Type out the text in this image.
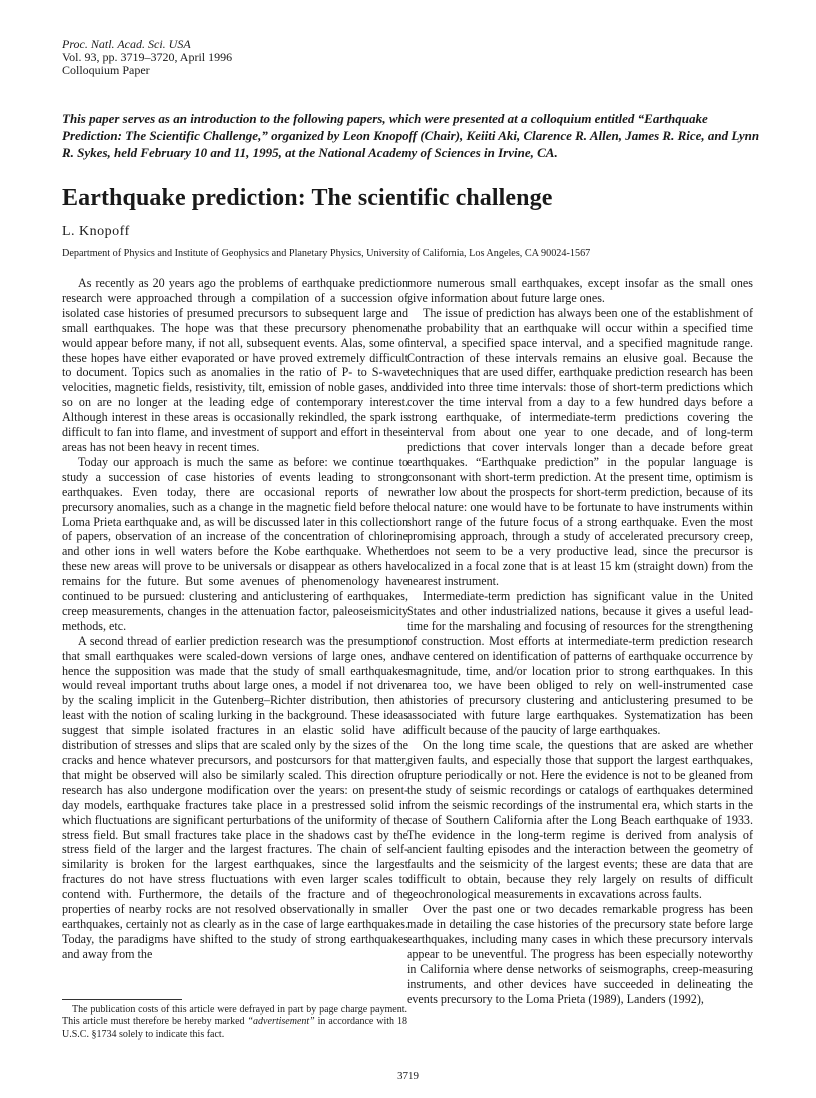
Proc. Natl. Acad. Sci. USA
Vol. 93, pp. 3719–3720, April 1996
Colloquium Paper
This paper serves as an introduction to the following papers, which were presented at a colloquium entitled “Earthquake Prediction: The Scientific Challenge,” organized by Leon Knopoff (Chair), Keiiti Aki, Clarence R. Allen, James R. Rice, and Lynn R. Sykes, held February 10 and 11, 1995, at the National Academy of Sciences in Irvine, CA.
Earthquake prediction: The scientific challenge
L. Knopoff
Department of Physics and Institute of Geophysics and Planetary Physics, University of California, Los Angeles, CA 90024-1567

As recently as 20 years ago the problems of earthquake prediction research were approached through a compilation of a succession of isolated case histories of presumed precursors to subsequent large and small earthquakes. The hope was that these precursory phenomena would appear before many, if not all, subsequent events. Alas, some of these hopes have either evaporated or have proved extremely difficult to document. Topics such as anomalies in the ratio of P- to S-wave velocities, magnetic fields, resistivity, tilt, emission of noble gases, and so on are no longer at the leading edge of contemporary interest. Although interest in these areas is occasionally rekindled, the spark is difficult to fan into flame, and investment of support and effort in these areas has not been heavy in recent times.

Today our approach is much the same as before: we continue to study a succession of case histories of events leading to strong earthquakes. Even today, there are occasional reports of new precursory anomalies, such as a change in the magnetic field before the Loma Prieta earthquake and, as will be discussed later in this collection of papers, observation of an increase of the concentration of chlorine and other ions in well waters before the Kobe earthquake. Whether these new areas will prove to be universals or disappear as others have remains for the future. But some avenues of phenomenology have continued to be pursued: clustering and anticlustering of earthquakes, creep measurements, changes in the attenuation factor, paleoseismicity methods, etc.

A second thread of earlier prediction research was the presumption that small earthquakes were scaled-down versions of large ones, and hence the supposition was made that the study of small earthquakes would reveal important truths about large ones, a model if not driven by the scaling implicit in the Gutenberg–Richter distribution, then at least with the notion of scaling lurking in the background. These ideas suggest that simple isolated fractures in an elastic solid have a distribution of stresses and slips that are scaled only by the sizes of the cracks and hence whatever precursors, and postcursors for that matter, that might be observed will also be similarly scaled. This direction of research has also undergone modification over the years: on present-day models, earthquake fractures take place in a prestressed solid in which fluctuations are significant perturbations of the uniformity of the stress field. But small fractures take place in the shadows cast by the stress field of the larger and the largest fractures. The chain of self-similarity is broken for the largest earthquakes, since the largest fractures do not have stress fluctuations with even larger scales to contend with. Furthermore, the details of the fracture and of the properties of nearby rocks are not resolved observationally in smaller earthquakes, certainly not as clearly as in the case of large earthquakes. Today, the paradigms have shifted to the study of strong earthquakes and away from the

more numerous small earthquakes, except insofar as the small ones give information about future large ones.

The issue of prediction has always been one of the establishment of the probability that an earthquake will occur within a specified time interval, a specified space interval, and a specified magnitude range. Contraction of these intervals remains an elusive goal. Because the techniques that are used differ, earthquake prediction research has been divided into three time intervals: those of short-term predictions which cover the time interval from a day to a few hundred days before a strong earthquake, of intermediate-term predictions covering the interval from about one year to one decade, and of long-term predictions that cover intervals longer than a decade before great earthquakes. “Earthquake prediction” in the popular language is consonant with short-term prediction. At the present time, optimism is rather low about the prospects for short-term prediction, because of its local nature: one would have to be fortunate to have instruments within short range of the future focus of a strong earthquake. Even the most promising approach, through a study of accelerated precursory creep, does not seem to be a very productive lead, since the precursor is localized in a focal zone that is at least 15 km (straight down) from the nearest instrument.

Intermediate-term prediction has significant value in the United States and other industrialized nations, because it gives a useful lead-time for the marshaling and focusing of resources for the strengthening of construction. Most efforts at intermediate-term prediction research have centered on identification of patterns of earthquake occurrence by magnitude, time, and/or location prior to strong earthquakes. In this area too, we have been obliged to rely on well-instrumented case histories of precursory clustering and anticlustering presumed to be associated with future large earthquakes. Systematization has been difficult because of the paucity of large earthquakes.

On the long time scale, the questions that are asked are whether given faults, and especially those that support the largest earthquakes, rupture periodically or not. Here the evidence is not to be gleaned from the study of seismic recordings or catalogs of earthquakes determined from the seismic recordings of the instrumental era, which starts in the case of Southern California after the Long Beach earthquake of 1933. The evidence in the long-term regime is derived from analysis of ancient faulting episodes and the interaction between the geometry of faults and the seismicity of the largest events; these are data that are difficult to obtain, because they rely largely on results of difficult geochronological measurements in excavations across faults.

Over the past one or two decades remarkable progress has been made in detailing the case histories of the precursory state before large earthquakes, including many cases in which these precursory intervals appear to be uneventful. The progress has been especially noteworthy in California where dense networks of seismographs, creep-measuring instruments, and other devices have succeeded in delineating the events precursory to the Loma Prieta (1989), Landers (1992),

The publication costs of this article were defrayed in part by page charge payment. This article must therefore be hereby marked “advertisement” in accordance with 18 U.S.C. §1734 solely to indicate this fact.
3719
